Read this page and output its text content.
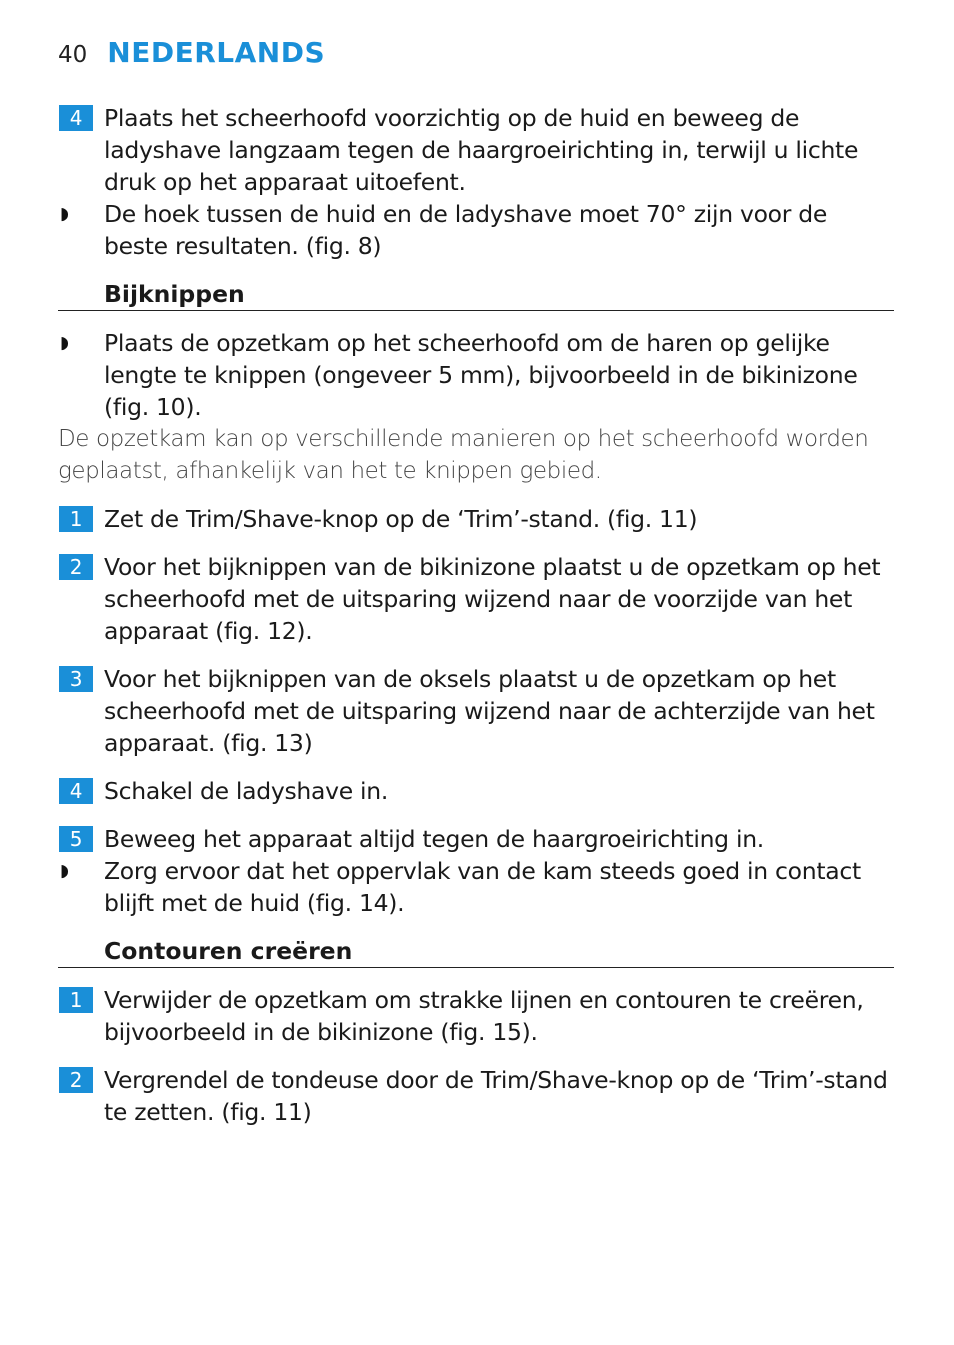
40 NEDERLANDS
4 Plaats het scheerhoofd voorzichtig op de huid en beweeg de ladyshave langzaam tegen de haargroeirichting in, terwijl u lichte druk op het apparaat uitoefent.
◗ De hoek tussen de huid en de ladyshave moet 70° zijn voor de beste resultaten. (fig. 8)
Bijknippen
◗ Plaats de opzetkam op het scheerhoofd om de haren op gelijke lengte te knippen (ongeveer 5 mm), bijvoorbeeld in de bikinizone (fig. 10).
De opzetkam kan op verschillende manieren op het scheerhoofd worden geplaatst, afhankelijk van het te knippen gebied.
1 Zet de Trim/Shave-knop op de ‘Trim’-stand. (fig. 11)
2 Voor het bijknippen van de bikinizone plaatst u de opzetkam op het scheerhoofd met de uitsparing wijzend naar de voorzijde van het apparaat (fig. 12).
3 Voor het bijknippen van de oksels plaatst u de opzetkam op het scheerhoofd met de uitsparing wijzend naar de achterzijde van het apparaat. (fig. 13)
4 Schakel de ladyshave in.
5 Beweeg het apparaat altijd tegen de haargroeirichting in.
◗ Zorg ervoor dat het oppervlak van de kam steeds goed in contact blijft met de huid (fig. 14).
Contouren creëren
1 Verwijder de opzetkam om strakke lijnen en contouren te creëren, bijvoorbeeld in de bikinizone (fig. 15).
2 Vergrendel de tondeuse door de Trim/Shave-knop op de ‘Trim’-stand te zetten. (fig. 11)
